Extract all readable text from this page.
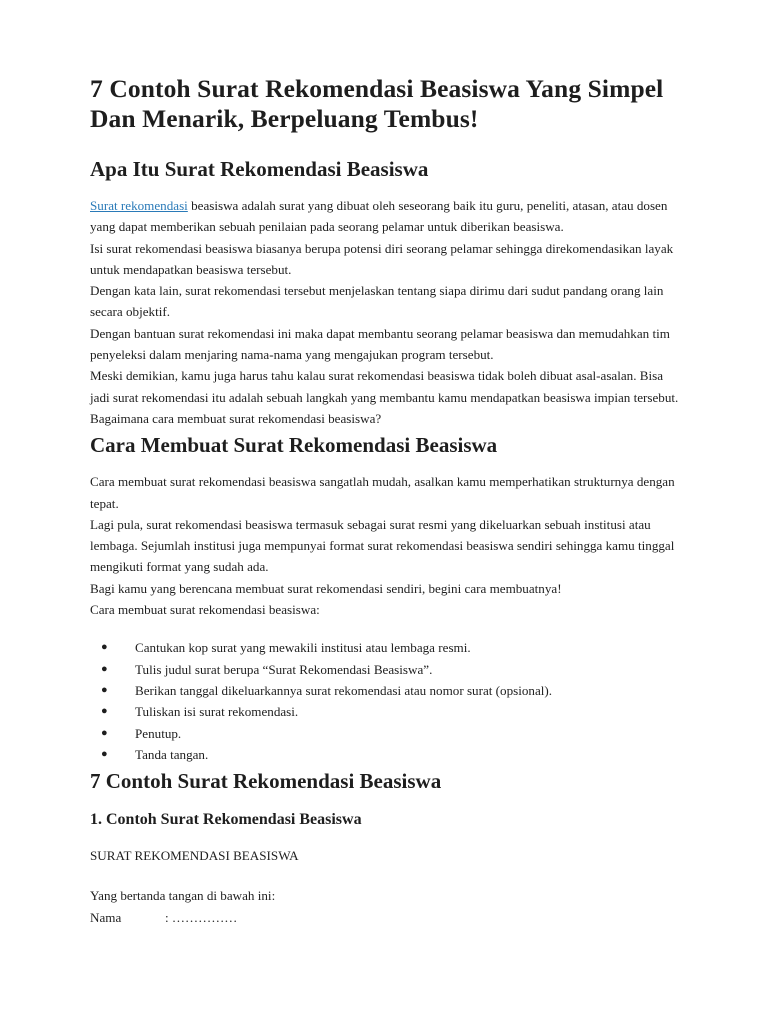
7 Contoh Surat Rekomendasi Beasiswa Yang Simpel Dan Menarik, Berpeluang Tembus!
Apa Itu Surat Rekomendasi Beasiswa

Surat rekomendasi beasiswa adalah surat yang dibuat oleh seseorang baik itu guru, peneliti, atasan, atau dosen yang dapat memberikan sebuah penilaian pada seorang pelamar untuk diberikan beasiswa.

Isi surat rekomendasi beasiswa biasanya berupa potensi diri seorang pelamar sehingga direkomendasikan layak untuk mendapatkan beasiswa tersebut.

Dengan kata lain, surat rekomendasi tersebut menjelaskan tentang siapa dirimu dari sudut pandang orang lain secara objektif.

Dengan bantuan surat rekomendasi ini maka dapat membantu seorang pelamar beasiswa dan memudahkan tim penyeleksi dalam menjaring nama-nama yang mengajukan program tersebut.

Meski demikian, kamu juga harus tahu kalau surat rekomendasi beasiswa tidak boleh dibuat asal-asalan. Bisa jadi surat rekomendasi itu adalah sebuah langkah yang membantu kamu mendapatkan beasiswa impian tersebut.

Bagaimana cara membuat surat rekomendasi beasiswa?

Cara Membuat Surat Rekomendasi Beasiswa

Cara membuat surat rekomendasi beasiswa sangatlah mudah, asalkan kamu memperhatikan strukturnya dengan tepat.

Lagi pula, surat rekomendasi beasiswa termasuk sebagai surat resmi yang dikeluarkan sebuah institusi atau lembaga. Sejumlah institusi juga mempunyai format surat rekomendasi beasiswa sendiri sehingga kamu tinggal mengikuti format yang sudah ada.

Bagi kamu yang berencana membuat surat rekomendasi sendiri, begini cara membuatnya!

Cara membuat surat rekomendasi beasiswa:

● Cantukan kop surat yang mewakili institusi atau lembaga resmi.
● Tulis judul surat berupa “Surat Rekomendasi Beasiswa”.
● Berikan tanggal dikeluarkannya surat rekomendasi atau nomor surat (opsional).
● Tuliskan isi surat rekomendasi.
● Penutup.
● Tanda tangan.
7 Contoh Surat Rekomendasi Beasiswa
1. Contoh Surat Rekomendasi Beasiswa

SURAT REKOMENDASI BEASISWA

Yang bertanda tangan di bawah ini:

Nama	: ……………
